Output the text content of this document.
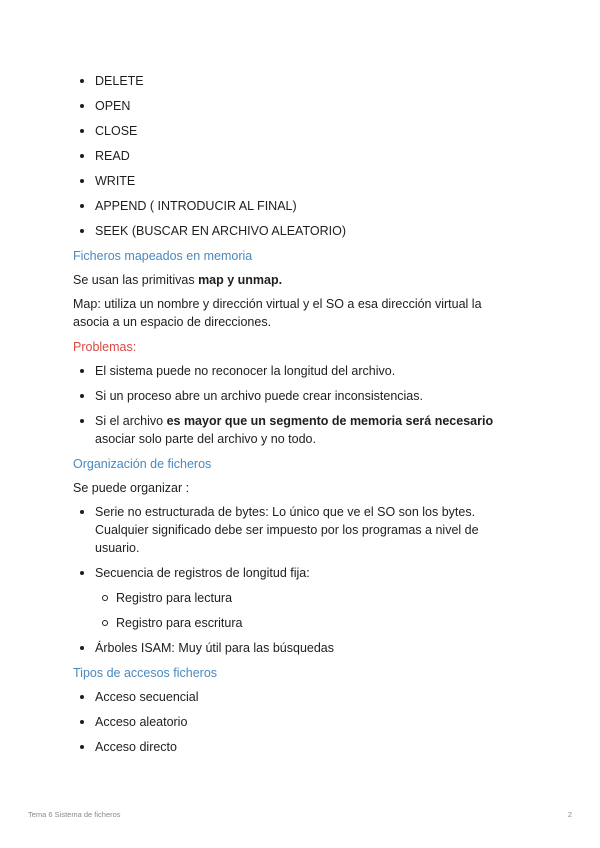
DELETE
OPEN
CLOSE
READ
WRITE
APPEND ( INTRODUCIR AL FINAL)
SEEK (BUSCAR EN ARCHIVO ALEATORIO)

Ficheros mapeados en memoria

Se usan las primitivas map y unmap.

Map: utiliza un nombre y dirección virtual y el SO a esa dirección virtual la asocia a un espacio de direcciones.

Problemas:

El sistema puede no reconocer la longitud del archivo.
Si un proceso abre un archivo puede crear inconsistencias.
Si el archivo es mayor que un segmento de memoria será necesario asociar solo parte del archivo y no todo.

Organización de ficheros

Se puede organizar :

Serie no estructurada de bytes: Lo único que ve el SO son los bytes. Cualquier significado debe ser impuesto por los programas a nivel de usuario.
Secuencia de registros de longitud fija:
Registro para lectura
Registro para escritura
Árboles ISAM: Muy útil para las búsquedas

Tipos de accesos ficheros

Acceso secuencial
Acceso aleatorio
Acceso directo
Tema 6 Sistema de ficheros	2
